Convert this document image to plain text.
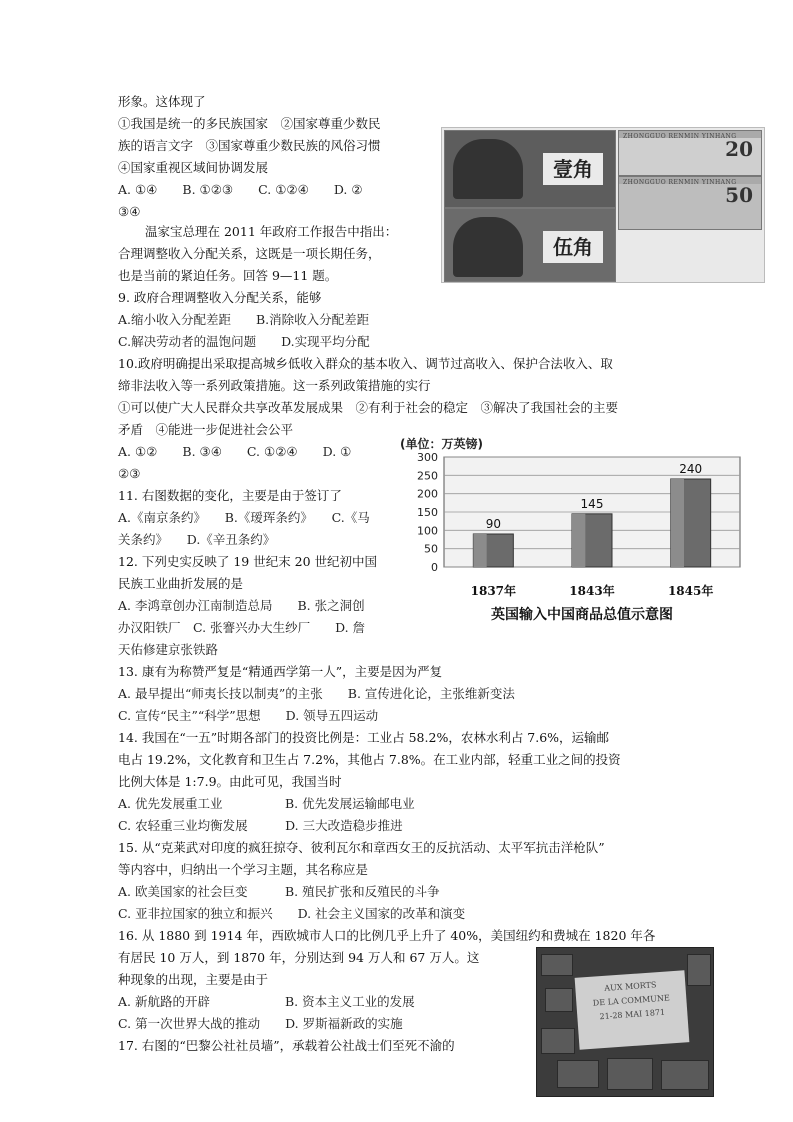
形象。这体现了
①我国是统一的多民族国家　②国家尊重少数民
族的语言文字　③国家尊重少数民族的风俗习惯
④国家重视区域间协调发展
A. ①④　　B. ①②③　　C. ①②④　　D. ②
③④
温家宝总理在 2011 年政府工作报告中指出：
合理调整收入分配关系，这既是一项长期任务，
也是当前的紧迫任务。回答 9—11 题。
9. 政府合理调整收入分配关系，能够
A.缩小收入分配差距　　B.消除收入分配差距
C.解决劳动者的温饱问题　　D.实现平均分配
10.政府明确提出采取提高城乡低收入群众的基本收入、调节过高收入、保护合法收入、取
缔非法收入等一系列政策措施。这一系列政策措施的实行
①可以使广大人民群众共享改革发展成果　②有利于社会的稳定　③解决了我国社会的主要
矛盾　④能进一步促进社会公平
A. ①②　　B. ③④　　C. ①②④　　D. ①
②③
11. 右图数据的变化，主要是由于签订了
A.《南京条约》　　B.《瑷珲条约》　　C.《马
关条约》　　D.《辛丑条约》
12. 下列史实反映了 19 世纪末 20 世纪初中国
民族工业曲折发展的是
A. 李鸿章创办江南制造总局　　B. 张之洞创
办汉阳铁厂　C. 张謇兴办大生纱厂　　D. 詹
天佑修建京张铁路
13. 康有为称赞严复是“精通西学第一人”，主要是因为严复
A. 最早提出“师夷长技以制夷”的主张　　B. 宣传进化论，主张维新变法
C. 宣传“民主”“科学”思想　　D. 领导五四运动
14. 我国在“一五”时期各部门的投资比例是：工业占 58.2%，农林水利占 7.6%，运输邮
电占 19.2%，文化教育和卫生占 7.2%，其他占 7.8%。在工业内部，轻重工业之间的投资
比例大体是 1:7.9。由此可见，我国当时
A. 优先发展重工业　　　　　B. 优先发展运输邮电业
C. 农轻重三业均衡发展　　　D. 三大改造稳步推进
15. 从“克莱武对印度的疯狂掠夺、彼利瓦尔和章西女王的反抗活动、太平军抗击洋枪队”
等内容中，归纳出一个学习主题，其名称应是
A. 欧美国家的社会巨变　　　B. 殖民扩张和反殖民的斗争
C. 亚非拉国家的独立和振兴　　D. 社会主义国家的改革和演变
16. 从 1880 到 1914 年，西欧城市人口的比例几乎上升了 40%，美国纽约和费城在 1820 年各
有居民 10 万人，到 1870 年，分别达到 94 万人和 67 万人。这
种现象的出现，主要是由于
A. 新航路的开辟　　　　　　B. 资本主义工业的发展
C. 第一次世界大战的推动　　D. 罗斯福新政的实施
17. 右图的“巴黎公社社员墙”，承载着公社战士们至死不渝的
壹角
伍角
ZHONGGUO RENMIN YINHANG
20
ZHONGGUO RENMIN YINHANG
50
(单位：万英镑)
300
250
200
150
100
50
0
90
1837年
145
1843年
240
1845年
英国输入中国商品总值示意图
AUX MORTS
DE LA COMMUNE
21-28 MAI 1871
